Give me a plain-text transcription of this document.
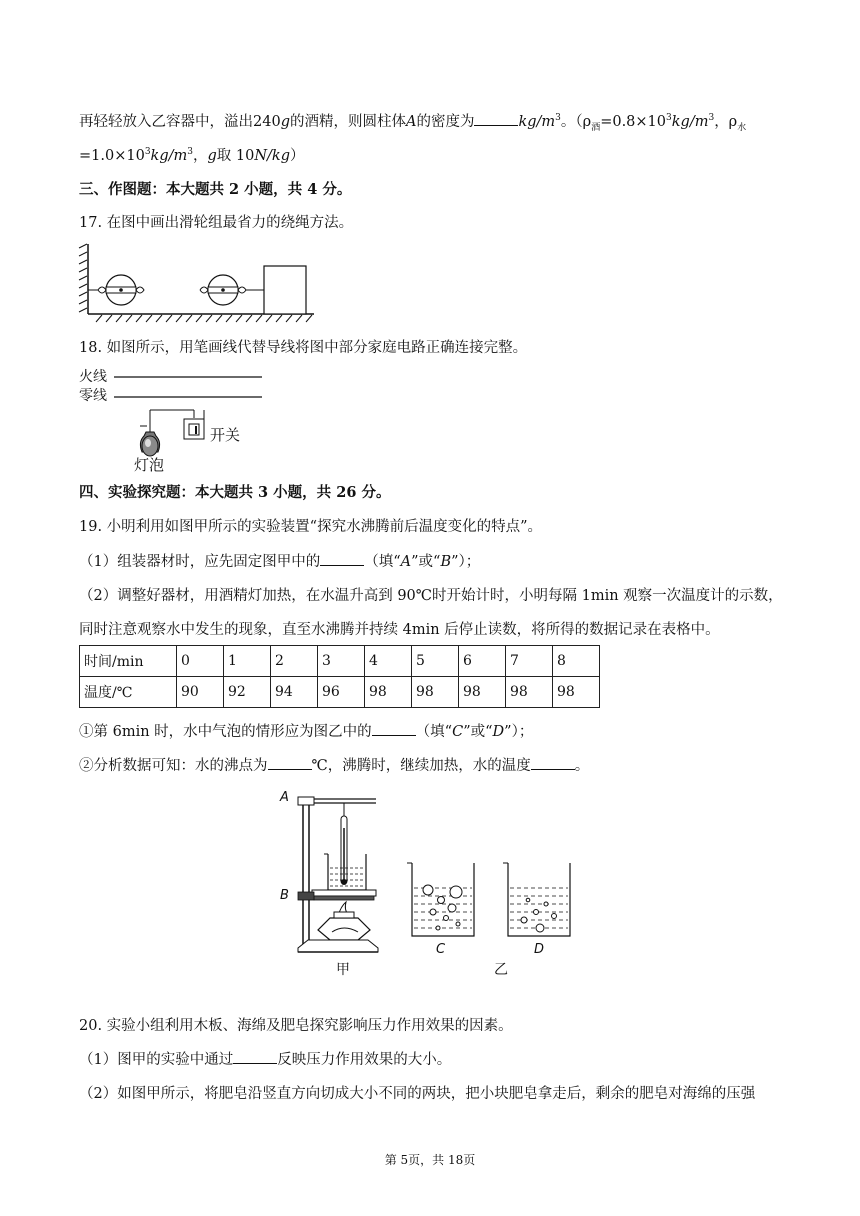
再轻轻放入乙容器中，溢出240g的酒精，则圆柱体A的密度为	$kg/m^3$。（$\rho_酒=0.8\times 10^3kg/m^3$，$\rho_水$
$=1.0\times 10^3kg/m^3$，g取 10N/kg）
三、作图题：本大题共 2 小题，共 4 分。
17. 在图中画出滑轮组最省力的绕绳方法。
18. 如图所示，用笔画线代替导线将图中部分家庭电路正确连接完整。
火线
零线
开关
灯泡
四、实验探究题：本大题共 3 小题，共 26 分。
19. 小明利用如图甲所示的实验装置“探究水沸腾前后温度变化的特点”。
（1）组装器材时，应先固定图甲中的	（填“A”或“B”）；
（2）调整好器材，用酒精灯加热，在水温升高到 90℃时开始计时，小明每隔 1min 观察一次温度计的示数，
同时注意观察水中发生的现象，直至水沸腾并持续 4min 后停止读数，将所得的数据记录在表格中。
时间/min	0	1	2	3	4	5	6	7	8
温度/℃	90	92	94	96	98	98	98	98	98
①第 6min 时，水中气泡的情形应为图乙中的	（填“C”或“D”）；
②分析数据可知：水的沸点为	℃，沸腾时，继续加热，水的温度	。
A
B
C	D
甲	乙
20. 实验小组利用木板、海绵及肥皂探究影响压力作用效果的因素。
（1）图甲的实验中通过	反映压力作用效果的大小。
（2）如图甲所示，将肥皂沿竖直方向切成大小不同的两块，把小块肥皂拿走后，剩余的肥皂对海绵的压强
第 5页，共 18页
